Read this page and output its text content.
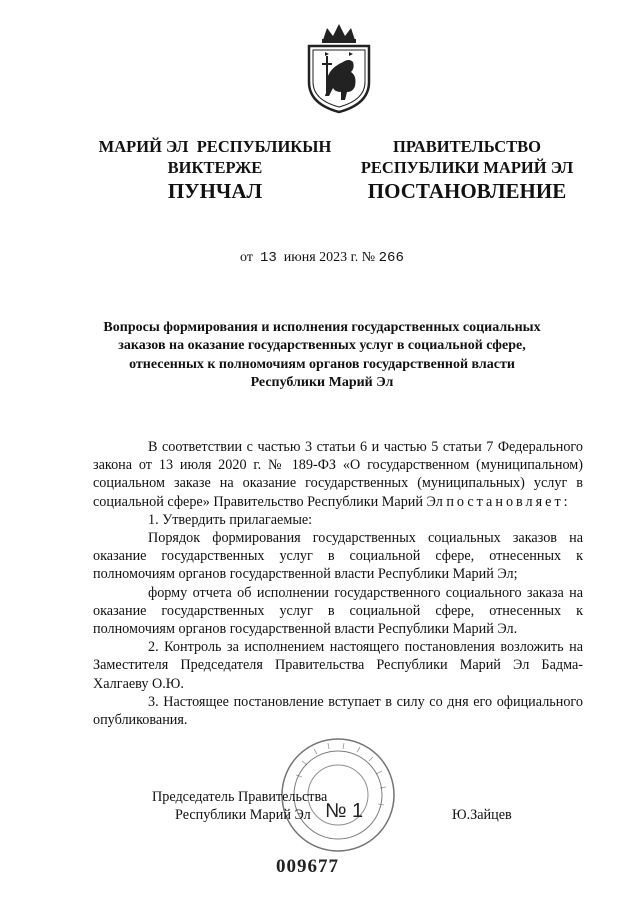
МАРИЙ ЭЛ  РЕСПУБЛИКЫН
ВИКТЕРЖЕ
ПРАВИТЕЛЬСТВО
РЕСПУБЛИКИ МАРИЙ ЭЛ
ПУНЧАЛ	ПОСТАНОВЛЕНИЕ
от 13 июня 2023 г. № 266
Вопросы формирования и исполнения государственных социальных
заказов на оказание государственных услуг в социальной сфере,
отнесенных к полномочиям органов государственной власти
Республики Марий Эл

В соответствии с частью 3 статьи 6 и частью 5 статьи 7 Федерального закона от 13 июля 2020 г. № 189-ФЗ «О государственном (муниципальном) социальном заказе на оказание государственных (муниципальных) услуг в социальной сфере» Правительство Республики Марий Эл постановляет:

1. Утвердить прилагаемые:

Порядок формирования государственных социальных заказов на оказание государственных услуг в социальной сфере, отнесенных к полномочиям органов государственной власти Республики Марий Эл;

форму отчета об исполнении государственного социального заказа на оказание государственных услуг в социальной сфере, отнесенных к полномочиям органов государственной власти Республики Марий Эл.

2. Контроль за исполнением настоящего постановления возложить на Заместителя Председателя Правительства Республики Марий Эл Бадма-Халгаеву О.Ю.

3. Настоящее постановление вступает в силу со дня его официального опубликования.

№ 1
Председатель Правительства
Республики Марий Эл	Ю.Зайцев
009677
